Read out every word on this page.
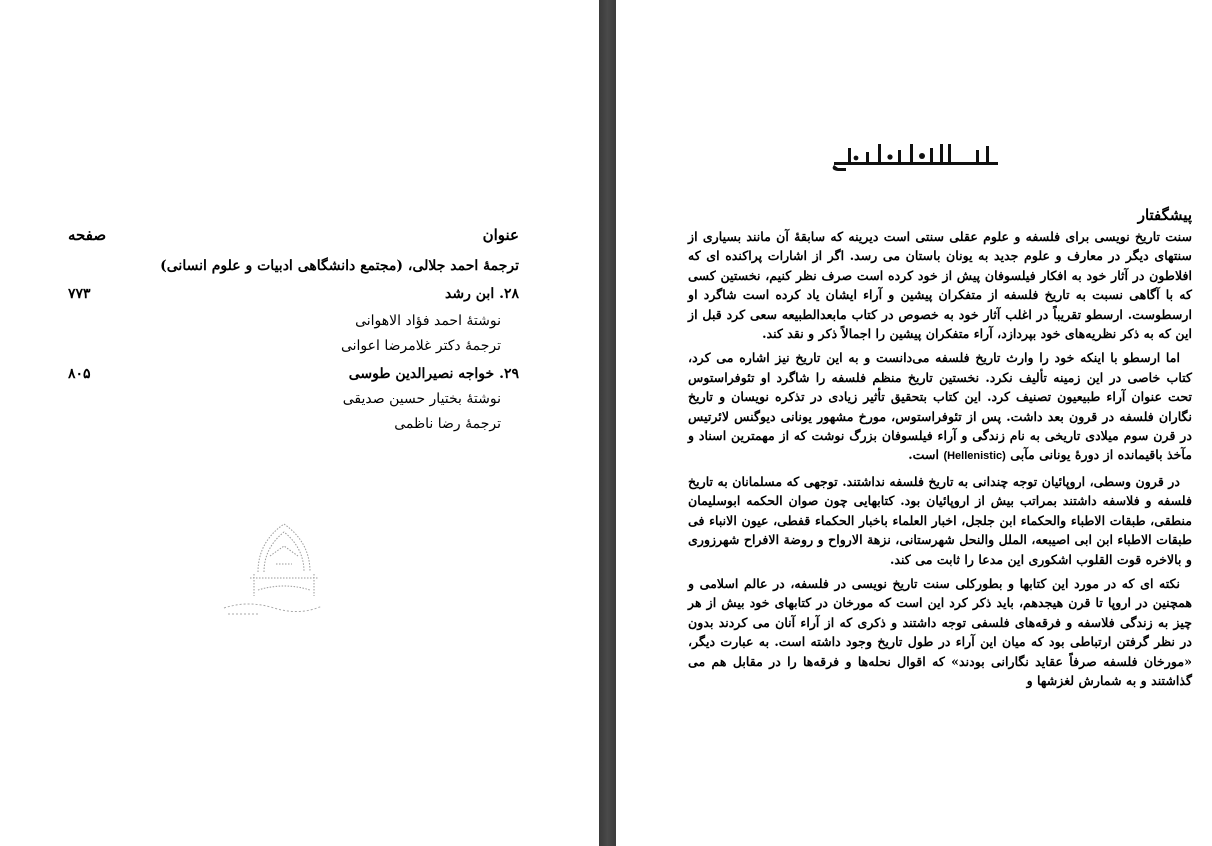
عنوان
صفحه
ترجمهٔ احمد جلالی، (مجتمع دانشگاهی ادبیات و علوم انسانی)
۲۸. ابن رشد
۷۷۳
نوشتهٔ احمد فؤاد الاهوانی
ترجمهٔ دکتر غلامرضا اعوانی
۲۹. خواجه نصیرالدین طوسی
۸۰۵
نوشتهٔ بختیار حسین صدیقی
ترجمهٔ رضا ناظمی
پیشگفتار

سنت تاریخ نویسی برای فلسفه و علوم عقلی سنتی است دیرینه که سابقهٔ آن مانند بسیاری از سنتهای دیگر در معارف و علوم جدید به یونان باستان می رسد. اگر از اشارات پراکنده ای که افلاطون در آثار خود به افکار فیلسوفان پیش از خود کرده است صرف نظر کنیم، نخستین کسی که با آگاهی نسبت به تاریخ فلسفه از متفکران پیشین و آراء ایشان یاد کرده است شاگرد او ارسطوست. ارسطو تقریباً در اغلب آثار خود به خصوص در کتاب مابعدالطبیعه سعی کرد قبل از این که به ذکر نظریه‌های خود بپردازد، آراء متفکران پیشین را اجمالاً ذکر و نقد کند.

اما ارسطو با اینکه خود را وارث تاریخ فلسفه می‌دانست و به این تاریخ نیز اشاره می کرد، کتاب خاصی در این زمینه تألیف نکرد. نخستین تاریخ منظم فلسفه را شاگرد او تئوفراستوس تحت عنوان آراء طبیعیون تصنیف کرد. این کتاب بتحقیق تأثیر زیادی در تذکره نویسان و تاریخ نگاران فلسفه در قرون بعد داشت. پس از تئوفراستوس، مورخ مشهور یونانی دیوگنس لائرتیس در قرن سوم میلادی تاریخی به نام زندگی و آراء فیلسوفان بزرگ نوشت که از مهمترین اسناد و مآخذ باقیمانده از دورهٔ یونانی مآبی (Hellenistic) است.

در قرون وسطی، اروپائیان توجه چندانی به تاریخ فلسفه نداشتند. توجهی که مسلمانان به تاریخ فلسفه و فلاسفه داشتند بمراتب بیش از اروپائیان بود. کتابهایی چون صوان الحکمه ابوسلیمان منطقی، طبقات الاطباء والحکماء ابن جلجل، اخبار العلماء باخبار الحکماء قفطی، عیون الانباء فی طبقات الاطباء ابن ابی اصیبعه، الملل والنحل شهرستانی، نزهة الارواح و روضة الافراح شهرزوری و بالاخره قوت القلوب اشکوری این مدعا را ثابت می کند.

نکته ای که در مورد این کتابها و بطورکلی سنت تاریخ نویسی در فلسفه، در عالم اسلامی و همچنین در اروپا تا قرن هیجدهم، باید ذکر کرد این است که مورخان در کتابهای خود بیش از هر چیز به زندگی فلاسفه و فرقه‌های فلسفی توجه داشتند و ذکری که از آراء آنان می کردند بدون در نظر گرفتن ارتباطی بود که میان این آراء در طول تاریخ وجود داشته است. به عبارت دیگر، «مورخان فلسفه صرفاً عقاید نگارانی بودند» که اقوال نحله‌ها و فرقه‌ها را در مقابل هم می گذاشتند و به شمارش لغزشها و
